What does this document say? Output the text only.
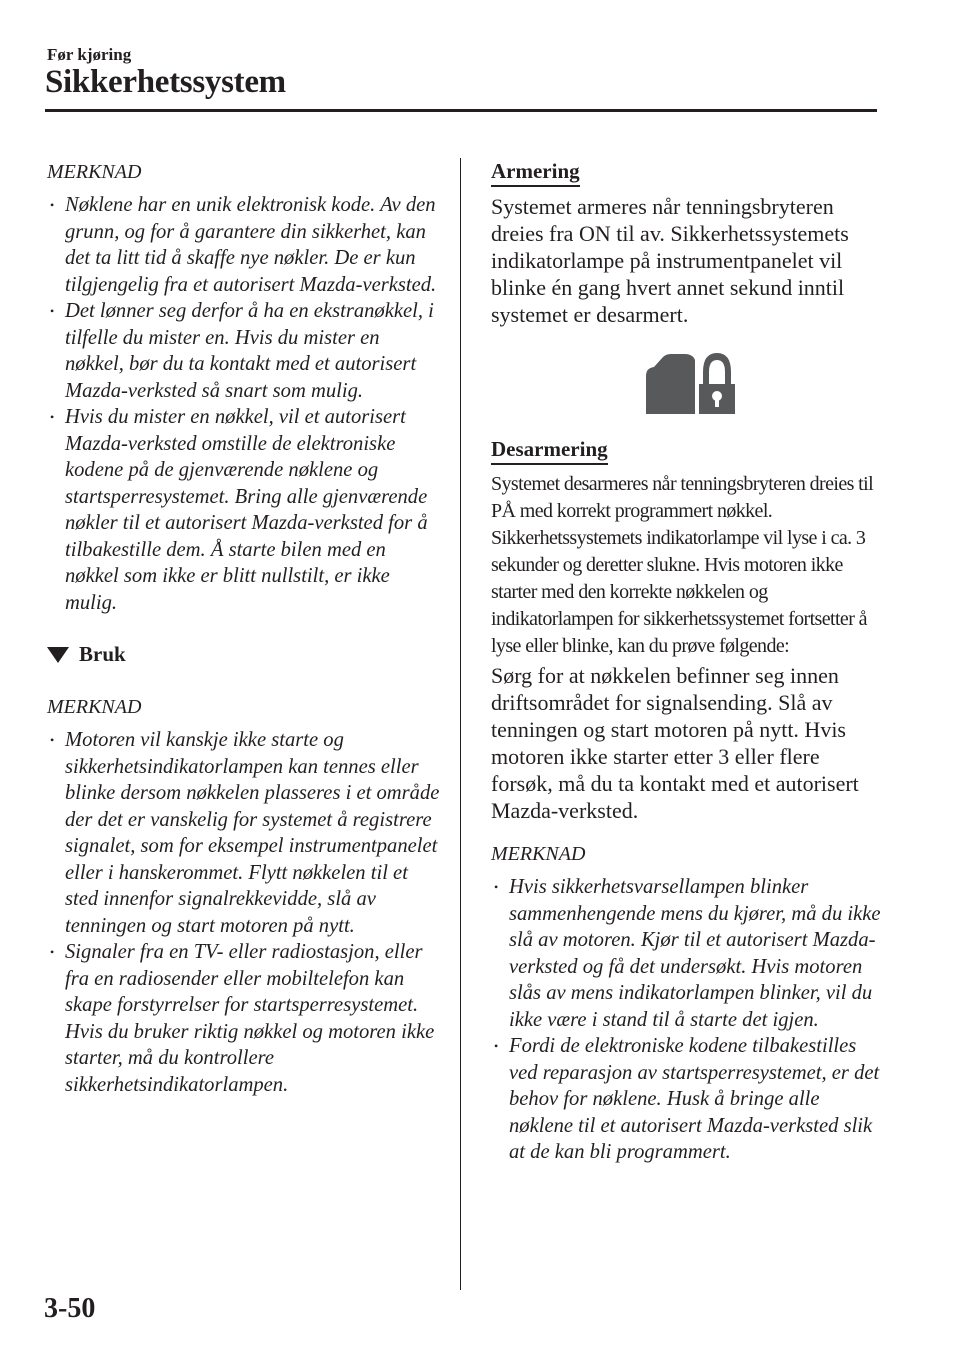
Før kjøring
Sikkerhetssystem

MERKNAD

• Nøklene har en unik elektronisk kode. Av den grunn, og for å garantere din sikkerhet, kan det ta litt tid å skaffe nye nøkler. De er kun tilgjengelig fra et autorisert Mazda-verksted.
• Det lønner seg derfor å ha en ekstranøkkel, i tilfelle du mister en. Hvis du mister en nøkkel, bør du ta kontakt med et autorisert Mazda-verksted så snart som mulig.
• Hvis du mister en nøkkel, vil et autorisert Mazda-verksted omstille de elektroniske kodene på de gjenværende nøklene og startsperresystemet. Bring alle gjenværende nøkler til et autorisert Mazda-verksted for å tilbakestille dem. Å starte bilen med en nøkkel som ikke er blitt nullstilt, er ikke mulig.
Bruk

MERKNAD

• Motoren vil kanskje ikke starte og sikkerhetsindikatorlampen kan tennes eller blinke dersom nøkkelen plasseres i et område der det er vanskelig for systemet å registrere signalet, som for eksempel instrumentpanelet eller i hanskerommet. Flytt nøkkelen til et sted innenfor signalrekkevidde, slå av tenningen og start motoren på nytt.
• Signaler fra en TV- eller radiostasjon, eller fra en radiosender eller mobiltelefon kan skape forstyrrelser for startsperresystemet. Hvis du bruker riktig nøkkel og motoren ikke starter, må du kontrollere sikkerhetsindikatorlampen.
Armering

Systemet armeres når tenningsbryteren dreies fra ON til av. Sikkerhetssystemets indikatorlampe på instrumentpanelet vil blinke én gang hvert annet sekund inntil systemet er desarmert.

Desarmering

Systemet desarmeres når tenningsbryteren dreies til PÅ med korrekt programmert nøkkel. Sikkerhetssystemets indikatorlampe vil lyse i ca. 3 sekunder og deretter slukne. Hvis motoren ikke starter med den korrekte nøkkelen og indikatorlampen for sikkerhetssystemet fortsetter å lyse eller blinke, kan du prøve følgende:

Sørg for at nøkkelen befinner seg innen driftsområdet for signalsending. Slå av tenningen og start motoren på nytt. Hvis motoren ikke starter etter 3 eller flere forsøk, må du ta kontakt med et autorisert Mazda-verksted.

MERKNAD

• Hvis sikkerhetsvarsellampen blinker sammenhengende mens du kjører, må du ikke slå av motoren. Kjør til et autorisert Mazda-verksted og få det undersøkt. Hvis motoren slås av mens indikatorlampen blinker, vil du ikke være i stand til å starte det igjen.
• Fordi de elektroniske kodene tilbakestilles ved reparasjon av startsperresystemet, er det behov for nøklene. Husk å bringe alle nøklene til et autorisert Mazda-verksted slik at de kan bli programmert.
3-50
